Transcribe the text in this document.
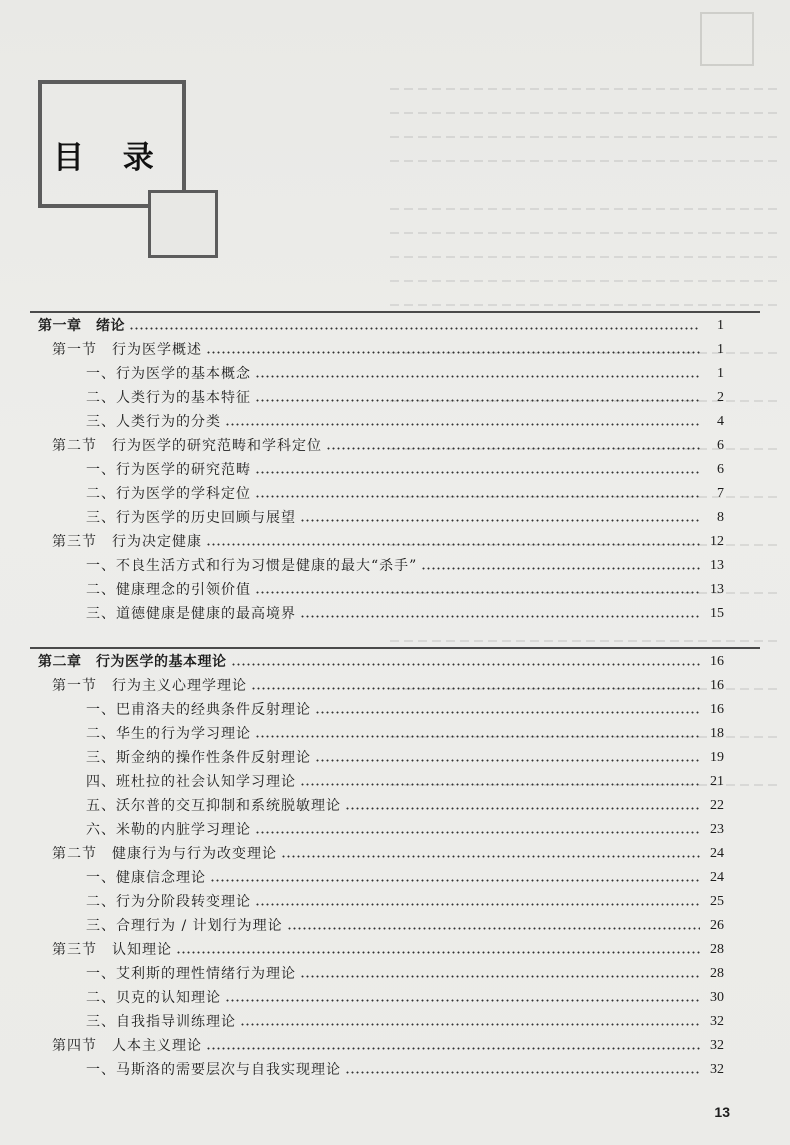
目 录
第一章　绪论	1
第一节　行为医学概述	1
一、行为医学的基本概念	1
二、人类行为的基本特征	2
三、人类行为的分类	4
第二节　行为医学的研究范畴和学科定位	6
一、行为医学的研究范畴	6
二、行为医学的学科定位	7
三、行为医学的历史回顾与展望	8
第三节　行为决定健康	12
一、不良生活方式和行为习惯是健康的最大“杀手”	13
二、健康理念的引领价值	13
三、道德健康是健康的最高境界	15
第二章　行为医学的基本理论	16
第一节　行为主义心理学理论	16
一、巴甫洛夫的经典条件反射理论	16
二、华生的行为学习理论	18
三、斯金纳的操作性条件反射理论	19
四、班杜拉的社会认知学习理论	21
五、沃尔普的交互抑制和系统脱敏理论	22
六、米勒的内脏学习理论	23
第二节　健康行为与行为改变理论	24
一、健康信念理论	24
二、行为分阶段转变理论	25
三、合理行为 / 计划行为理论	26
第三节　认知理论	28
一、艾利斯的理性情绪行为理论	28
二、贝克的认知理论	30
三、自我指导训练理论	32
第四节　人本主义理论	32
一、马斯洛的需要层次与自我实现理论	32
13
